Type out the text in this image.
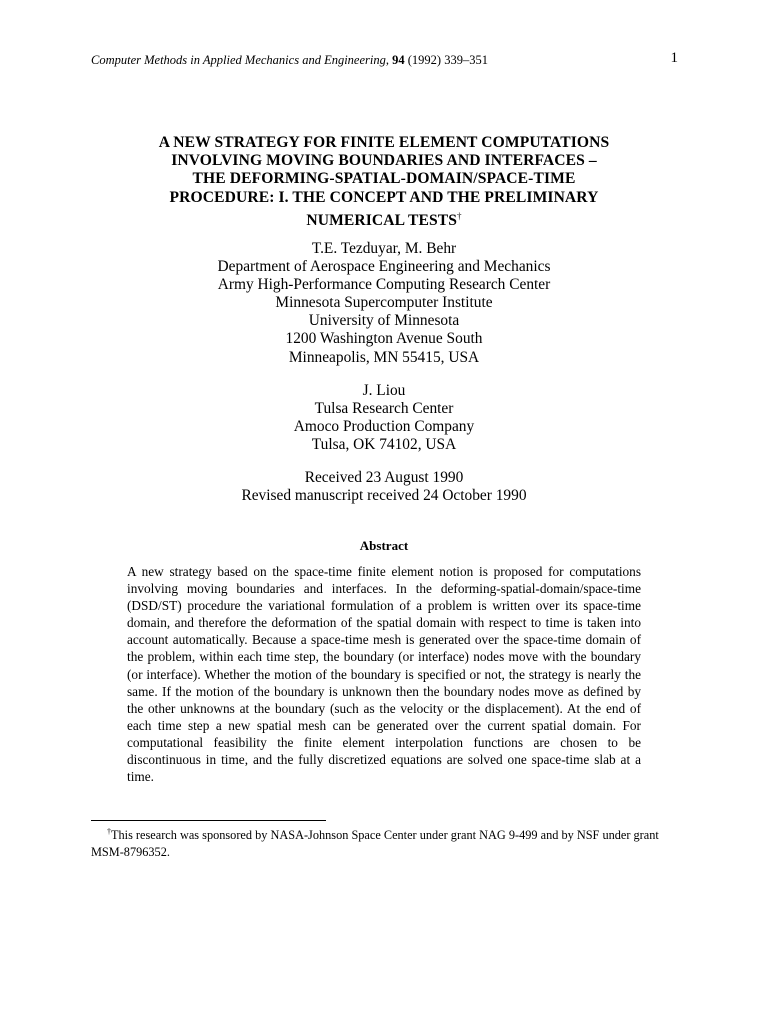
Computer Methods in Applied Mechanics and Engineering, 94 (1992) 339–351	1
A NEW STRATEGY FOR FINITE ELEMENT COMPUTATIONS
INVOLVING MOVING BOUNDARIES AND INTERFACES –
THE DEFORMING-SPATIAL-DOMAIN/SPACE-TIME
PROCEDURE: I. THE CONCEPT AND THE PRELIMINARY
NUMERICAL TESTS†
T.E. Tezduyar, M. Behr
Department of Aerospace Engineering and Mechanics
Army High-Performance Computing Research Center
Minnesota Supercomputer Institute
University of Minnesota
1200 Washington Avenue South
Minneapolis, MN 55415, USA
J. Liou
Tulsa Research Center
Amoco Production Company
Tulsa, OK 74102, USA
Received 23 August 1990
Revised manuscript received 24 October 1990
Abstract
A new strategy based on the space-time finite element notion is proposed for computations involving moving boundaries and interfaces. In the deforming-spatial-domain/space-time (DSD/ST) procedure the variational formulation of a problem is written over its space-time domain, and therefore the deformation of the spatial domain with respect to time is taken into account automatically. Because a space-time mesh is generated over the space-time domain of the problem, within each time step, the boundary (or interface) nodes move with the boundary (or interface). Whether the motion of the boundary is specified or not, the strategy is nearly the same. If the motion of the boundary is unknown then the boundary nodes move as defined by the other unknowns at the boundary (such as the velocity or the displacement). At the end of each time step a new spatial mesh can be generated over the current spatial domain. For computational feasibility the finite element interpolation functions are chosen to be discontinuous in time, and the fully discretized equations are solved one space-time slab at a time.
†This research was sponsored by NASA-Johnson Space Center under grant NAG 9-499 and by NSF under grant MSM-8796352.
